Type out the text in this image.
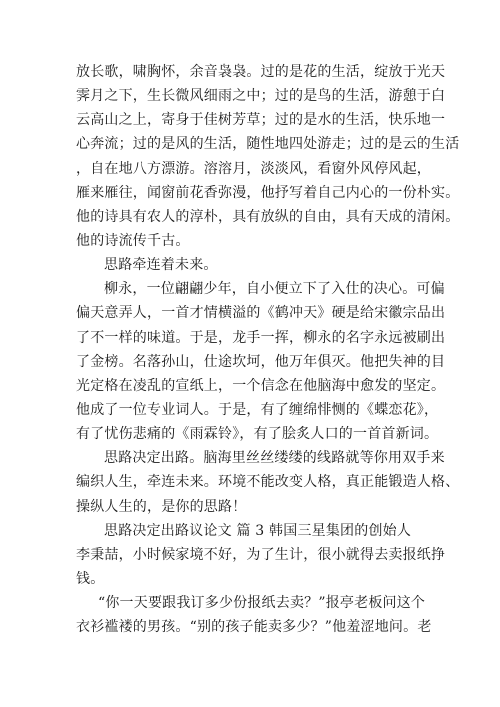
放长歌，啸胸怀，余音袅袅。过的是花的生活，绽放于光天
霁月之下，生长微风细雨之中；过的是鸟的生活，游憩于白
云高山之上，寄身于佳树芳草；过的是水的生活，快乐地一
心奔流；过的是风的生活，随性地四处游走；过的是云的生活
，自在地八方漂游。溶溶月，淡淡风，看窗外风停风起，
雁来雁往，闻窗前花香弥漫，他抒写着自己内心的一份朴实。
他的诗具有农人的淳朴，具有放纵的自由，具有天成的清闲。
他的诗流传千古。
思路牵连着未来。
柳永，一位翩翩少年，自小便立下了入仕的决心。可偏
偏天意弄人，一首才情横溢的《鹤冲天》硬是给宋徽宗品出
了不一样的味道。于是，龙手一挥，柳永的名字永远被刷出
了金榜。名落孙山，仕途坎坷，他万年俱灭。他把失神的目
光定格在凌乱的宣纸上，一个信念在他脑海中愈发的坚定。
他成了一位专业词人。于是，有了缠绵悱恻的《蝶恋花》，
有了忧伤悲痛的《雨霖铃》，有了脍炙人口的一首首新词。
思路决定出路。脑海里丝丝缕缕的线路就等你用双手来
编织人生，牵连未来。环境不能改变人格，真正能锻造人格、
操纵人生的，是你的思路！
思路决定出路议论文 篇 3 韩国三星集团的创始人
李秉喆，小时候家境不好，为了生计，很小就得去卖报纸挣
钱。
“你一天要跟我订多少份报纸去卖？”报亭老板问这个
衣衫褴褛的男孩。“别的孩子能卖多少？”他羞涩地问。老
